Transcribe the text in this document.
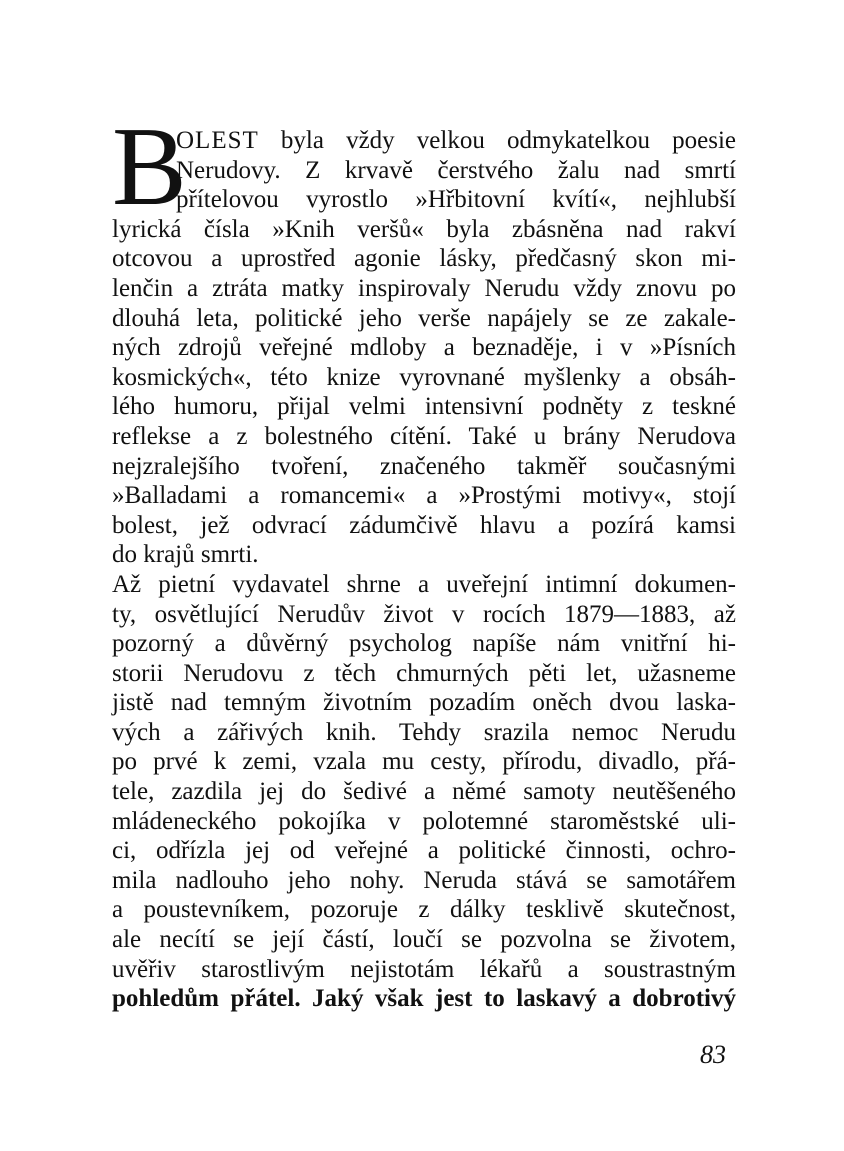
B
OLEST byla vždy velkou odmykatelkou poesie
Nerudovy. Z krvavě čerstvého žalu nad smrtí
přítelovou vyrostlo »Hřbitovní kvítí«, nejhlubší
lyrická čísla »Knih veršů« byla zbásněna nad rakví
otcovou a uprostřed agonie lásky, předčasný skon mi-
lenčin a ztráta matky inspirovaly Nerudu vždy znovu po
dlouhá leta, politické jeho verše napájely se ze zakale-
ných zdrojů veřejné mdloby a beznaděje, i v »Písních
kosmických«, této knize vyrovnané myšlenky a obsáh-
lého humoru, přijal velmi intensivní podněty z teskné
reflekse a z bolestného cítění. Také u brány Nerudova
nejzralejšího tvoření, značeného takměř současnými
»Balladami a romancemi« a »Prostými motivy«, stojí
bolest, jež odvrací zádumčivě hlavu a pozírá kamsi
do krajů smrti.
Až pietní vydavatel shrne a uveřejní intimní dokumen-
ty, osvětlující Nerudův život v rocích 1879—1883, až
pozorný a důvěrný psycholog napíše nám vnitřní hi-
storii Nerudovu z těch chmurných pěti let, užasneme
jistě nad temným životním pozadím oněch dvou laska-
vých a zářivých knih. Tehdy srazila nemoc Nerudu
po prvé k zemi, vzala mu cesty, přírodu, divadlo, přá-
tele, zazdila jej do šedivé a němé samoty neutěšeného
mládeneckého pokojíka v polotemné staroměstské uli-
ci, odřízla jej od veřejné a politické činnosti, ochro-
mila nadlouho jeho nohy. Neruda stává se samotářem
a poustevníkem, pozoruje z dálky tesklivě skutečnost,
ale necítí se její částí, loučí se pozvolna se životem,
uvěřiv starostlivým nejistotám lékařů a soustrastným
pohledům přátel. Jaký však jest to laskavý a dobrotivý
83
